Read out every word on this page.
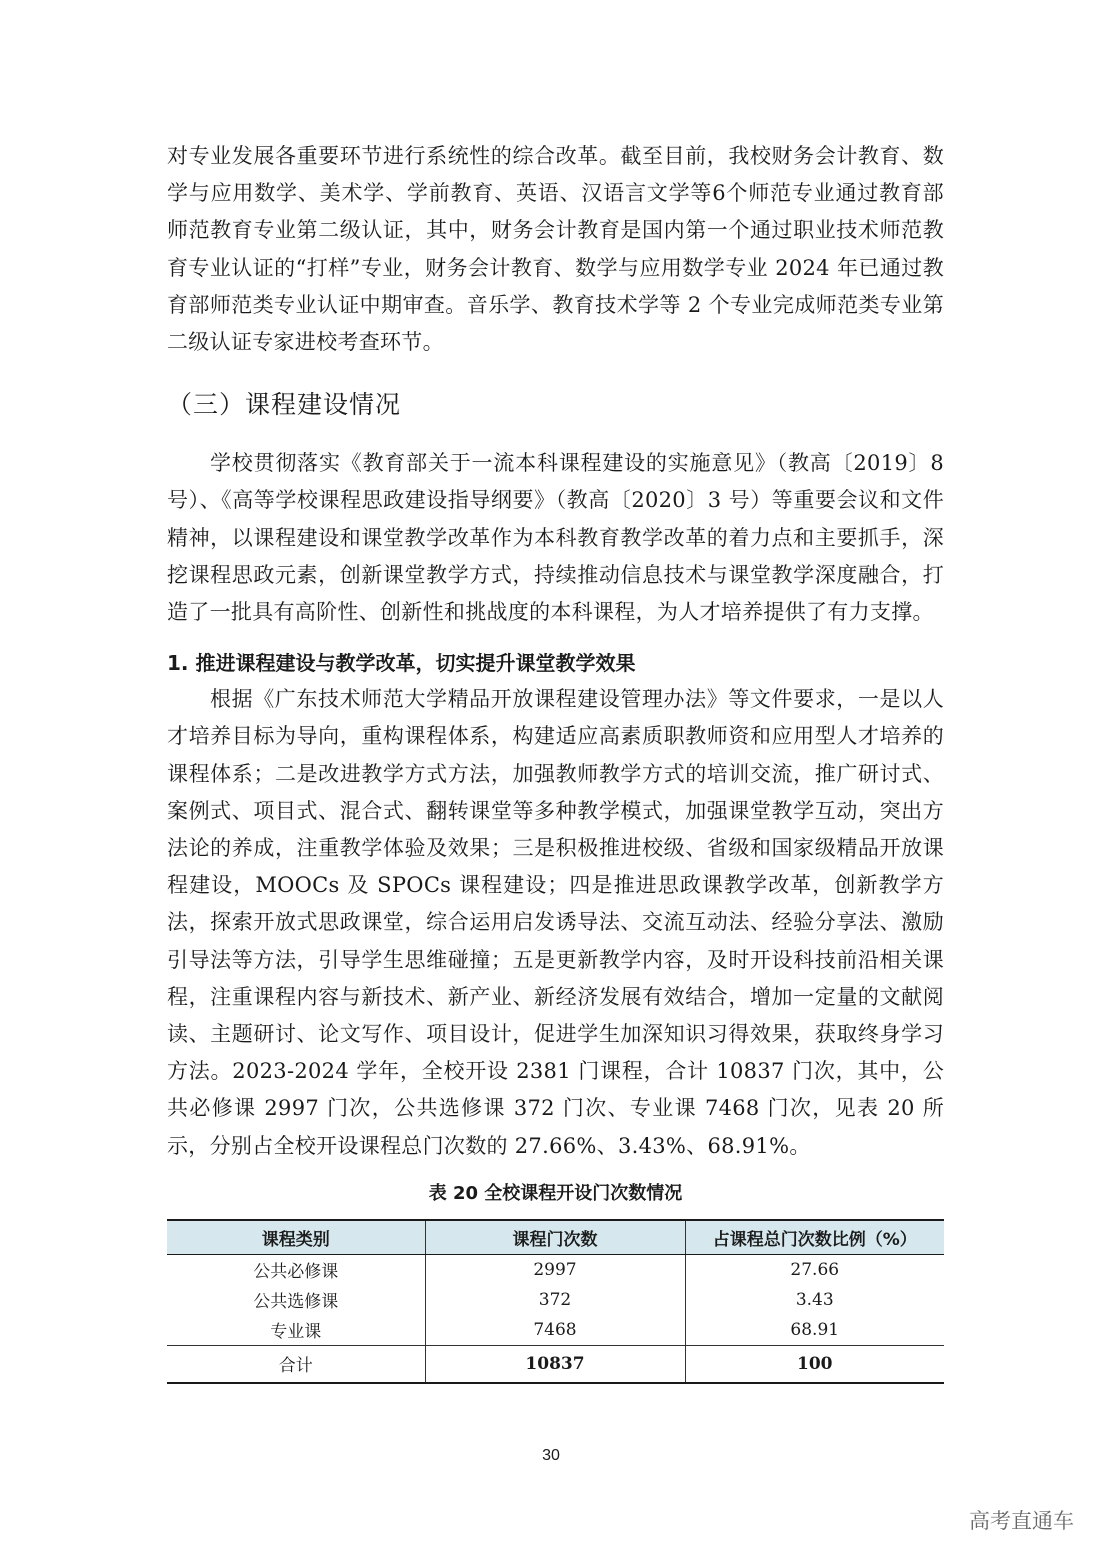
对专业发展各重要环节进行系统性的综合改革。截至目前，我校财务会计教育、数学与应用数学、美术学、学前教育、英语、汉语言文学等6个师范专业通过教育部师范教育专业第二级认证，其中，财务会计教育是国内第一个通过职业技术师范教育专业认证的“打样”专业，财务会计教育、数学与应用数学专业 2024 年已通过教育部师范类专业认证中期审查。音乐学、教育技术学等 2 个专业完成师范类专业第二级认证专家进校考查环节。

（三）课程建设情况

学校贯彻落实《教育部关于一流本科课程建设的实施意见》（教高〔2019〕8 号）、《高等学校课程思政建设指导纲要》（教高〔2020〕3 号）等重要会议和文件精神，以课程建设和课堂教学改革作为本科教育教学改革的着力点和主要抓手，深挖课程思政元素，创新课堂教学方式，持续推动信息技术与课堂教学深度融合，打造了一批具有高阶性、创新性和挑战度的本科课程，为人才培养提供了有力支撑。

1. 推进课程建设与教学改革，切实提升课堂教学效果

根据《广东技术师范大学精品开放课程建设管理办法》等文件要求，一是以人才培养目标为导向，重构课程体系，构建适应高素质职教师资和应用型人才培养的课程体系；二是改进教学方式方法，加强教师教学方式的培训交流，推广研讨式、案例式、项目式、混合式、翻转课堂等多种教学模式，加强课堂教学互动，突出方法论的养成，注重教学体验及效果；三是积极推进校级、省级和国家级精品开放课程建设，MOOCs 及 SPOCs 课程建设；四是推进思政课教学改革，创新教学方法，探索开放式思政课堂，综合运用启发诱导法、交流互动法、经验分享法、激励引导法等方法，引导学生思维碰撞；五是更新教学内容，及时开设科技前沿相关课程，注重课程内容与新技术、新产业、新经济发展有效结合，增加一定量的文献阅读、主题研讨、论文写作、项目设计，促进学生加深知识习得效果，获取终身学习方法。2023-2024 学年，全校开设 2381 门课程，合计 10837 门次，其中，公共必修课 2997 门次，公共选修课 372 门次、专业课 7468 门次，见表 20 所示，分别占全校开设课程总门次数的 27.66%、3.43%、68.91%。

表 20 全校课程开设门次数情况
课程类别	课程门次数	占课程总门次数比例（%）
公共必修课	2997	27.66
公共选修课	372	3.43
专业课	7468	68.91
合计	10837	100
30
高考直通车
